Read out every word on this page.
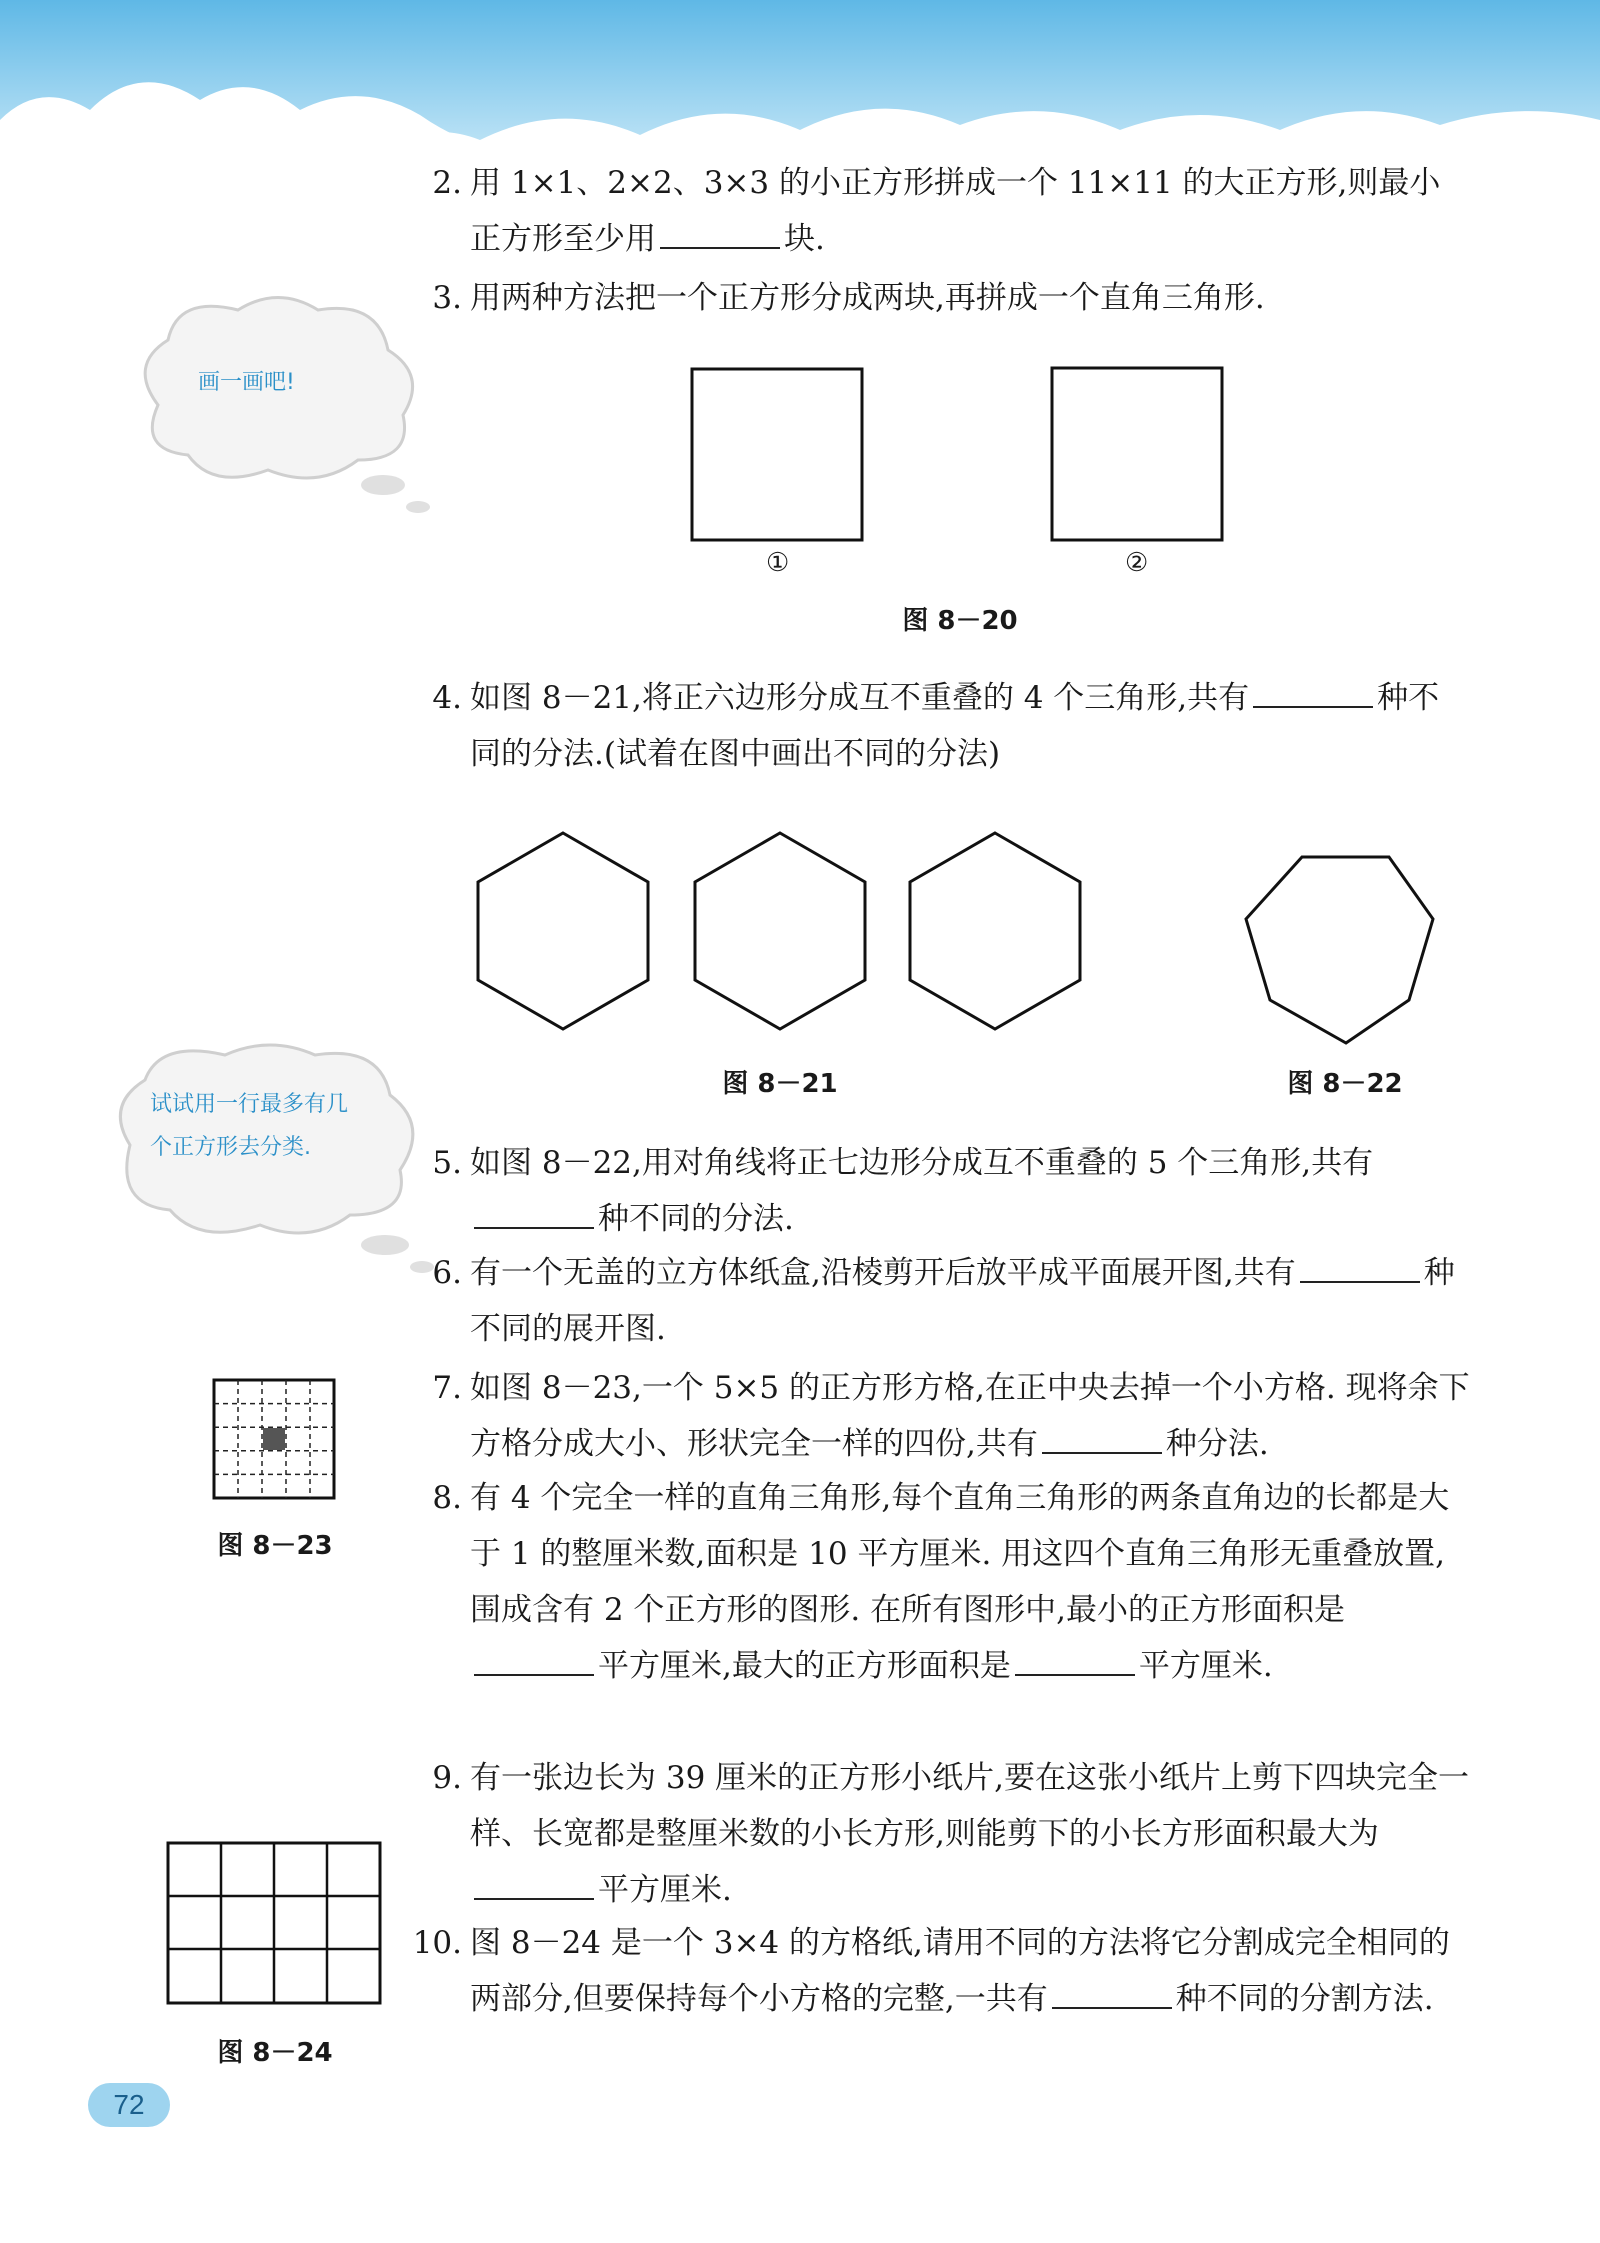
画一画吧!
试试用一行最多有几
个正方形去分类.
2. 用 1×1、2×2、3×3 的小正方形拼成一个 11×11 的大正方形,则最小正方形至少用	块.
3. 用两种方法把一个正方形分成两块,再拼成一个直角三角形.
①	②
图 8－20
4. 如图 8－21,将正六边形分成互不重叠的 4 个三角形,共有	种不同的分法.(试着在图中画出不同的分法)
图 8－21	图 8－22
5. 如图 8－22,用对角线将正七边形分成互不重叠的 5 个三角形,共有种不同的分法.
6. 有一个无盖的立方体纸盒,沿棱剪开后放平成平面展开图,共有	种不同的展开图.
7. 如图 8－23,一个 5×5 的正方形方格,在正中央去掉一个小方格. 现将余下方格分成大小、形状完全一样的四份,共有	种分法.
图 8－23
8. 有 4 个完全一样的直角三角形,每个直角三角形的两条直角边的长都是大于 1 的整厘米数,面积是 10 平方厘米. 用这四个直角三角形无重叠放置,围成含有 2 个正方形的图形. 在所有图形中,最小的正方形面积是平方厘米,最大的正方形面积是	平方厘米.
9. 有一张边长为 39 厘米的正方形小纸片,要在这张小纸片上剪下四块完全一样、长宽都是整厘米数的小长方形,则能剪下的小长方形面积最大为平方厘米.
图 8－24
10. 图 8－24 是一个 3×4 的方格纸,请用不同的方法将它分割成完全相同的两部分,但要保持每个小方格的完整,一共有	种不同的分割方法.
72
